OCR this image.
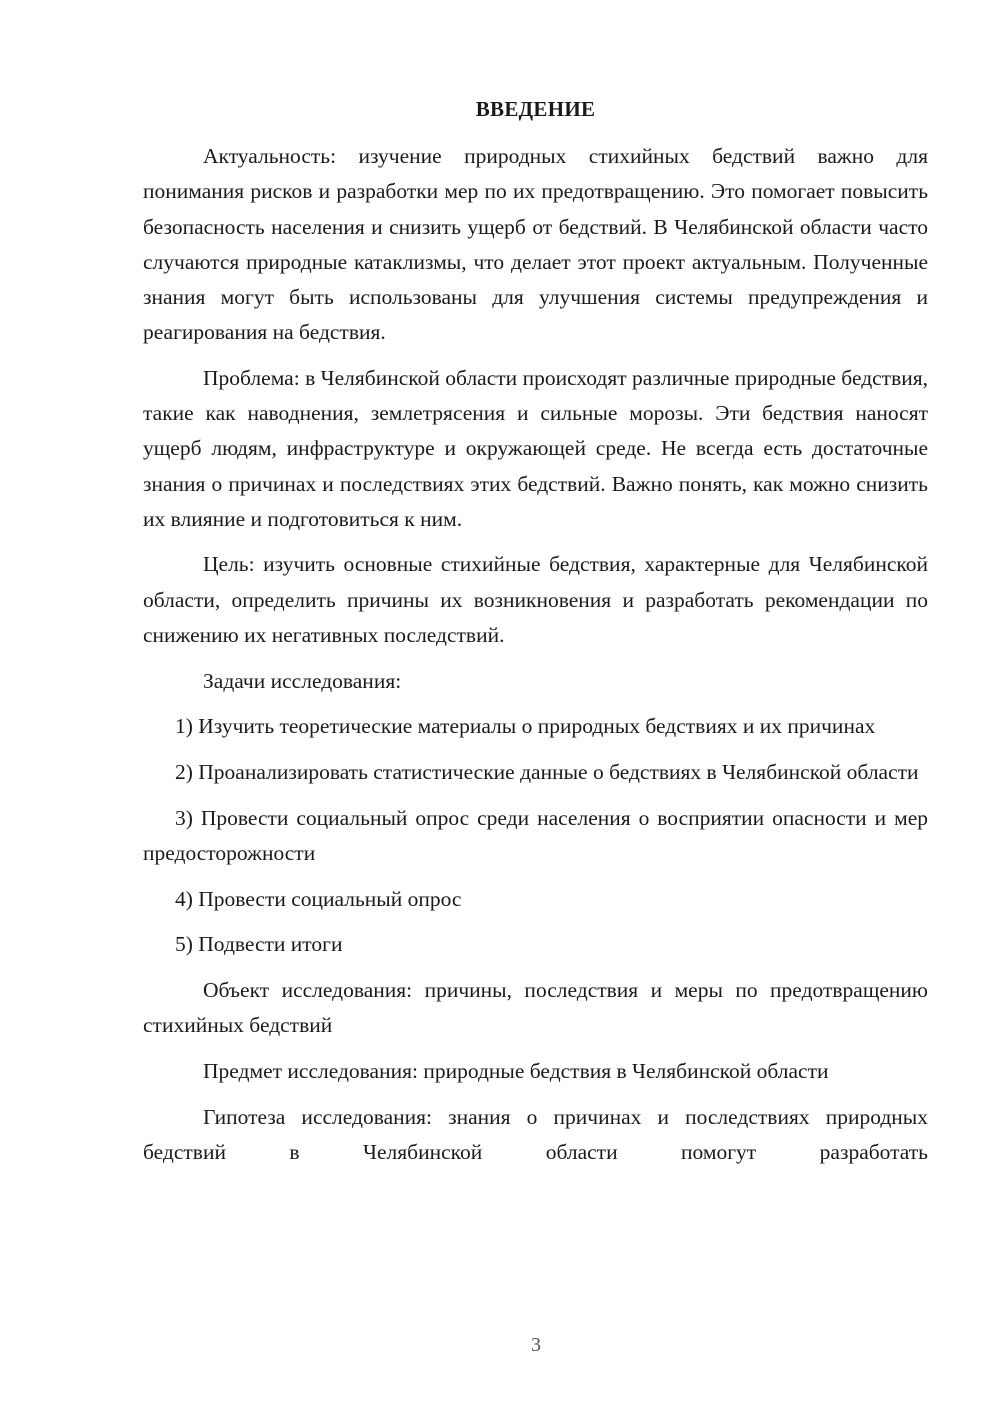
ВВЕДЕНИЕ

Актуальность: изучение природных стихийных бедствий важно для понимания рисков и разработки мер по их предотвращению. Это помогает повысить безопасность населения и снизить ущерб от бедствий. В Челябинской области часто случаются природные катаклизмы, что делает этот проект актуальным. Полученные знания могут быть использованы для улучшения системы предупреждения и реагирования на бедствия.

Проблема: в Челябинской области происходят различные природные бедствия, такие как наводнения, землетрясения и сильные морозы. Эти бедствия наносят ущерб людям, инфраструктуре и окружающей среде. Не всегда есть достаточные знания о причинах и последствиях этих бедствий. Важно понять, как можно снизить их влияние и подготовиться к ним.

Цель: изучить основные стихийные бедствия, характерные для Челябинской области, определить причины их возникновения и разработать рекомендации по снижению их негативных последствий.

Задачи исследования:

1) Изучить теоретические материалы о природных бедствиях и их причинах

2) Проанализировать статистические данные о бедствиях в Челябинской области

3) Провести социальный опрос среди населения о восприятии опасности и мер предосторожности

4) Провести социальный опрос

5) Подвести итоги

Объект исследования: причины, последствия и меры по предотвращению стихийных бедствий

Предмет исследования: природные бедствия в Челябинской области

Гипотеза исследования: знания о причинах и последствиях природных бедствий в Челябинской области помогут разработать

3
